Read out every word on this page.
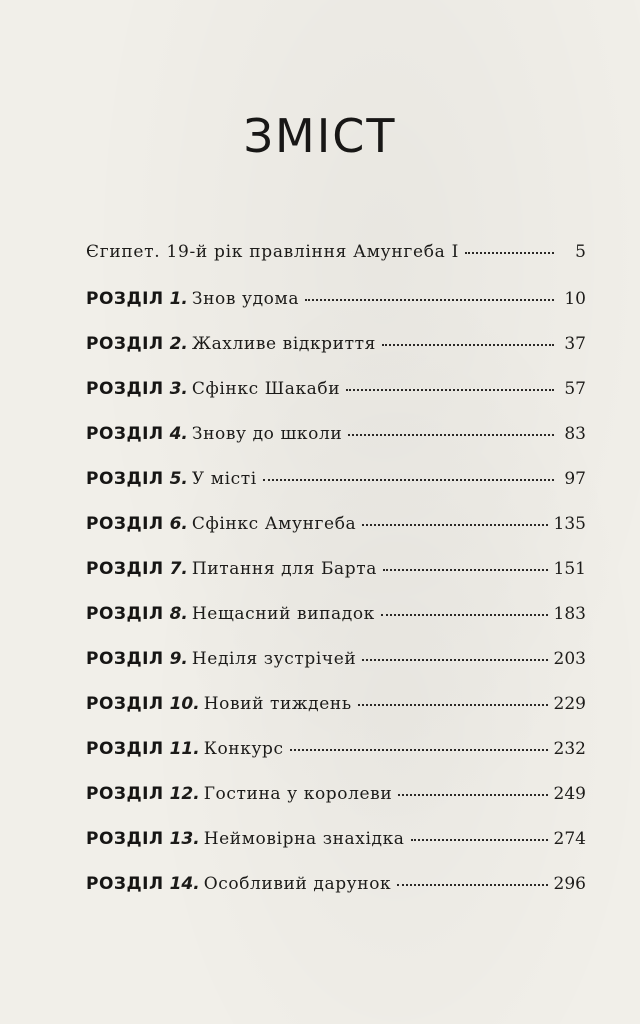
ЗМІСТ
Єгипет. 19-й рік правління Амунгеба І	5
РОЗДІЛ 1. Знов удома	10
РОЗДІЛ 2. Жахливе відкриття	37
РОЗДІЛ 3. Сфінкс Шакаби	57
РОЗДІЛ 4. Знову до школи	83
РОЗДІЛ 5. У місті	97
РОЗДІЛ 6. Сфінкс Амунгеба	135
РОЗДІЛ 7. Питання для Барта	151
РОЗДІЛ 8. Нещасний випадок	183
РОЗДІЛ 9. Неділя зустрічей	203
РОЗДІЛ 10. Новий тиждень	229
РОЗДІЛ 11. Конкурс	232
РОЗДІЛ 12. Гостина у королеви	249
РОЗДІЛ 13. Неймовірна знахідка	274
РОЗДІЛ 14. Особливий дарунок	296
